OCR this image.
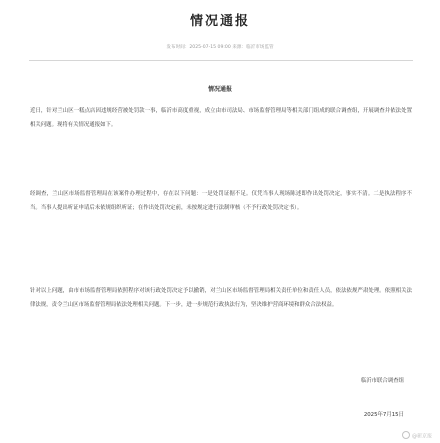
情况通报
发布时间：2025-07-15 09:00 来源：临沂市场监管
情况通报
近日，针对兰山区一糕点店因违规经营被处罚款一事，临沂市高度重视，成立由市司法局、市场监督管理局等相关部门组成的联合调查组，开展调查并依法处置相关问题。现将有关情况通报如下。
经调查，兰山区市场监督管理局在该案件办理过程中，存在以下问题：一是处罚证据不足。仅凭当事人现场陈述即作出处罚决定，事实不清。二是执法程序不当。当事人提出听证申请后未依规组织听证；在作出处罚决定前，未按规定进行法制审核（不予行政处罚决定书）。
针对以上问题，由市市场监督管理局依照程序对该行政处罚决定予以撤销，对兰山区市场监督管理局相关责任单位和责任人员，依法依规严肃处理。依照相关法律法规，责令兰山区市场监督管理局依法处理相关问题。下一步，进一步规范行政执法行为，坚决维护营商环境和群众合法权益。
临沂市联合调查组
2025年7月15日
@新京报
